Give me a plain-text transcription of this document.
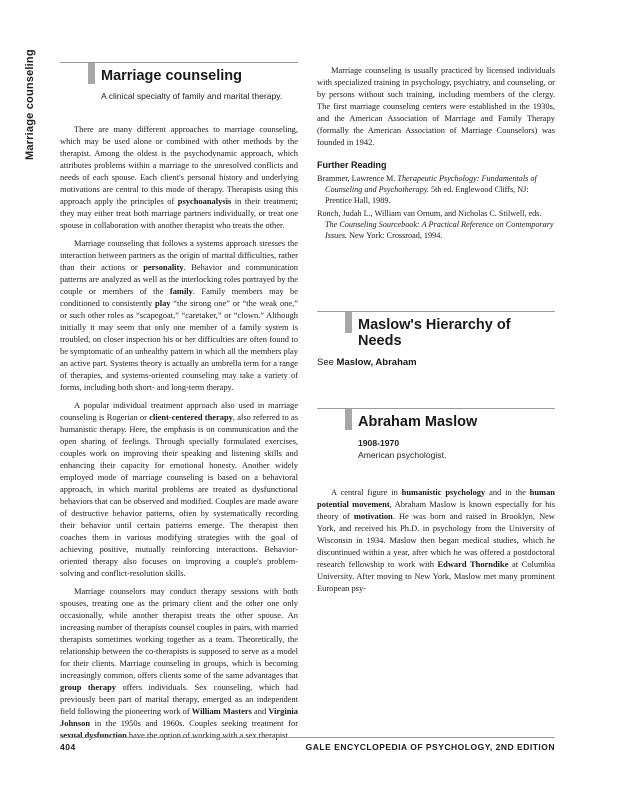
Marriage counseling	Marriage counseling
A clinical specialty of family and marital therapy.

There are many different approaches to marriage counseling, which may be used alone or combined with other methods by the therapist. Among the oldest is the psychodynamic approach, which attributes problems within a marriage to the unresolved conflicts and needs of each spouse. Each client's personal history and underlying motivations are central to this mode of therapy. Therapists using this approach apply the principles of psychoanalysis in their treatment; they may either treat both marriage partners individually, or treat one spouse in collaboration with another therapist who treats the other.

Marriage counseling that follows a systems approach stresses the interaction between partners as the origin of marital difficulties, rather than their actions or personality. Behavior and communication patterns are analyzed as well as the interlocking roles portrayed by the couple or members of the family. Family members may be conditioned to consistently play “the strong one” or “the weak one,” or such other roles as “scapegoat,” “caretaker,” or “clown.” Although initially it may seem that only one member of a family system is troubled, on closer inspection his or her difficulties are often found to be symptomatic of an unhealthy pattern in which all the members play an active part. Systems theory is actually an umbrella term for a range of therapies, and systems-oriented counseling may take a variety of forms, including both short- and long-term therapy.

A popular individual treatment approach also used in marriage counseling is Rogerian or client-centered therapy, also referred to as humanistic therapy. Here, the emphasis is on communication and the open sharing of feelings. Through specially formulated exercises, couples work on improving their speaking and listening skills and enhancing their capacity for emotional honesty. Another widely employed mode of marriage counseling is based on a behavioral approach, in which marital problems are treated as dysfunctional behaviors that can be observed and modified. Couples are made aware of destructive behavior patterns, often by systematically recording their behavior until certain patterns emerge. The therapist then coaches them in various modifying strategies with the goal of achieving positive, mutually reinforcing interactions. Behavior-oriented therapy also focuses on improving a couple's problem-solving and conflict-resolution skills.

Marriage counselors may conduct therapy sessions with both spouses, treating one as the primary client and the other one only occasionally, while another therapist treats the other spouse. An increasing number of therapists counsel couples in pairs, with married therapists sometimes working together as a team. Theoretically, the relationship between the co-therapists is supposed to serve as a model for their clients. Marriage counseling in groups, which is becoming increasingly common, offers clients some of the same advantages that group therapy offers individuals. Sex counseling, which had previously been part of marital therapy, emerged as an independent field following the pioneering work of William Masters and Virginia Johnson in the 1950s and 1960s. Couples seeking treatment for sexual dysfunction have the option of working with a sex therapist.

Marriage counseling is usually practiced by licensed individuals with specialized training in psychology, psychiatry, and counseling, or by persons without such training, including members of the clergy. The first marriage counseling centers were established in the 1930s, and the American Association of Marriage and Family Therapy (formally the American Association of Marriage Counselors) was founded in 1942.

Further Reading

Brammer, Lawrence M. Therapeutic Psychology: Fundamentals of Counseling and Psychotherapy. 5th ed. Englewood Cliffs, NJ: Prentice Hall, 1989.

Ronch, Judah L., William van Ornum, and Nicholas C. Stilwell, eds. The Counseling Sourcebook: A Practical Reference on Contemporary Issues. New York: Crossroad, 1994.

Maslow's Hierarchy of Needs
See Maslow, Abraham
Abraham Maslow
1908-1970
American psychologist.

A central figure in humanistic psychology and in the human potential movement, Abraham Maslow is known especially for his theory of motivation. He was born and raised in Brooklyn, New York, and received his Ph.D. in psychology from the University of Wisconsin in 1934. Maslow then began medical studies, which he discontinued within a year, after which he was offered a postdoctoral research fellowship to work with Edward Thorndike at Columbia University. After moving to New York, Maslow met many prominent European psy-

404	GALE ENCYCLOPEDIA OF PSYCHOLOGY, 2ND EDITION
